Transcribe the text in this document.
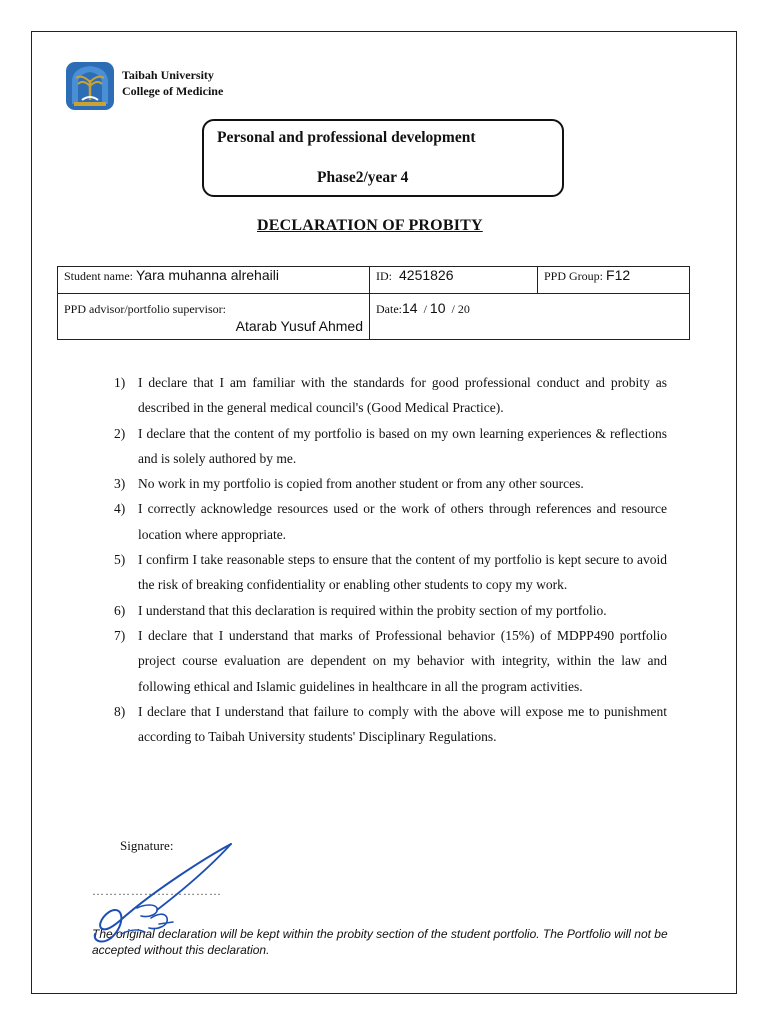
Taibah University
College of Medicine
Personal and professional development
Phase2/year 4
DECLARATION OF PROBITY
Student name: Yara muhanna alrehaili	ID: 4251826	PPD Group: F12

PPD advisor/portfolio supervisor:
Atarab Yusuf Ahmed	Date:14 / 10 / 20	
1) I declare that I am familiar with the standards for good professional conduct and probity as described in the general medical council's (Good Medical Practice).
2) I declare that the content of my portfolio is based on my own learning experiences & reflections and is solely authored by me.
3) No work in my portfolio is copied from another student or from any other sources.
4) I correctly acknowledge resources used or the work of others through references and resource location where appropriate.
5) I confirm I take reasonable steps to ensure that the content of my portfolio is kept secure to avoid the risk of breaking confidentiality or enabling other students to copy my work.
6) I understand that this declaration is required within the probity section of my portfolio.
7) I declare that I understand that marks of Professional behavior (15%) of MDPP490 portfolio project course evaluation are dependent on my behavior with integrity, within the law and following ethical and Islamic guidelines in healthcare in all the program activities.
8) I declare that I understand that failure to comply with the above will expose me to punishment according to Taibah University students' Disciplinary Regulations.
Signature:
…………………………
The original declaration will be kept within the probity section of the student portfolio. The Portfolio will not be accepted without this declaration.
